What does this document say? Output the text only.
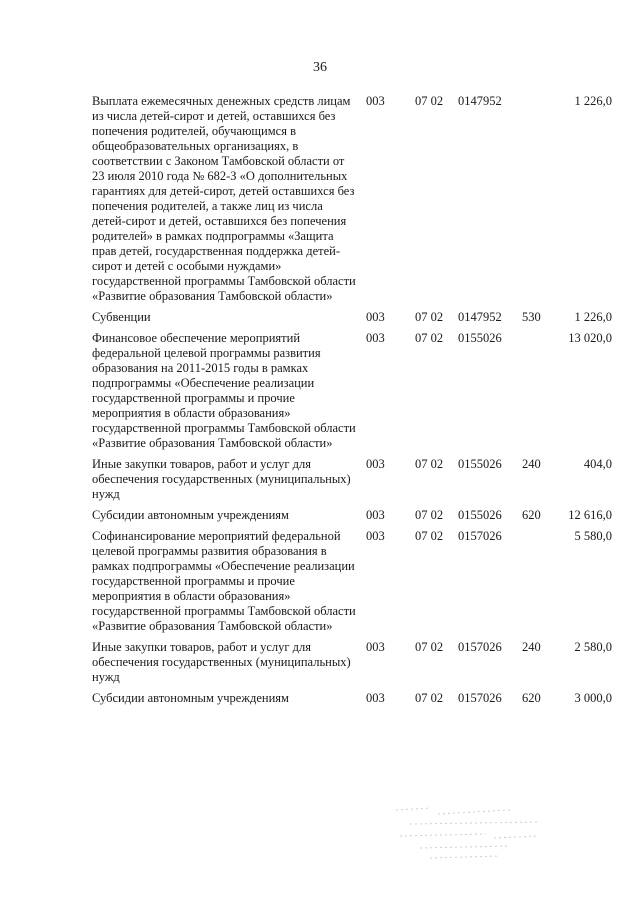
36
Выплата ежемесячных денежных средств лицам из числа детей-сирот и детей, оставшихся без попечения родителей, обучающимся в общеобразовательных организациях, в соответствии с Законом Тамбовской области от 23 июля 2010 года № 682-З «О дополнительных гарантиях для детей-сирот, детей оставшихся без попечения родителей, а также лиц из числа детей-сирот и детей, оставшихся без попечения родителей» в рамках подпрограммы «Защита прав детей, государственная поддержка детей-сирот и детей с особыми нуждами» государственной программы Тамбовской области «Развитие образования Тамбовской области»	003	07 02	0147952		1 226,0
Субвенции	003	07 02	0147952	530	1 226,0
Финансовое обеспечение мероприятий федеральной целевой программы развития образования на 2011-2015 годы в рамках подпрограммы «Обеспечение реализации государственной программы и прочие мероприятия в области образования» государственной программы Тамбовской области «Развитие образования Тамбовской области»	003	07 02	0155026		13 020,0
Иные закупки товаров, работ и услуг для обеспечения государственных (муниципальных) нужд	003	07 02	0155026	240	404,0
Субсидии автономным учреждениям	003	07 02	0155026	620	12 616,0
Софинансирование мероприятий федеральной целевой программы развития образования в рамках подпрограммы «Обеспечение реализации государственной программы и прочие мероприятия в области образования» государственной программы Тамбовской области «Развитие образования Тамбовской области»	003	07 02	0157026		5 580,0
Иные закупки товаров, работ и услуг для обеспечения государственных (муниципальных) нужд	003	07 02	0157026	240	2 580,0
Субсидии автономным учреждениям	003	07 02	0157026	620	3 000,0
